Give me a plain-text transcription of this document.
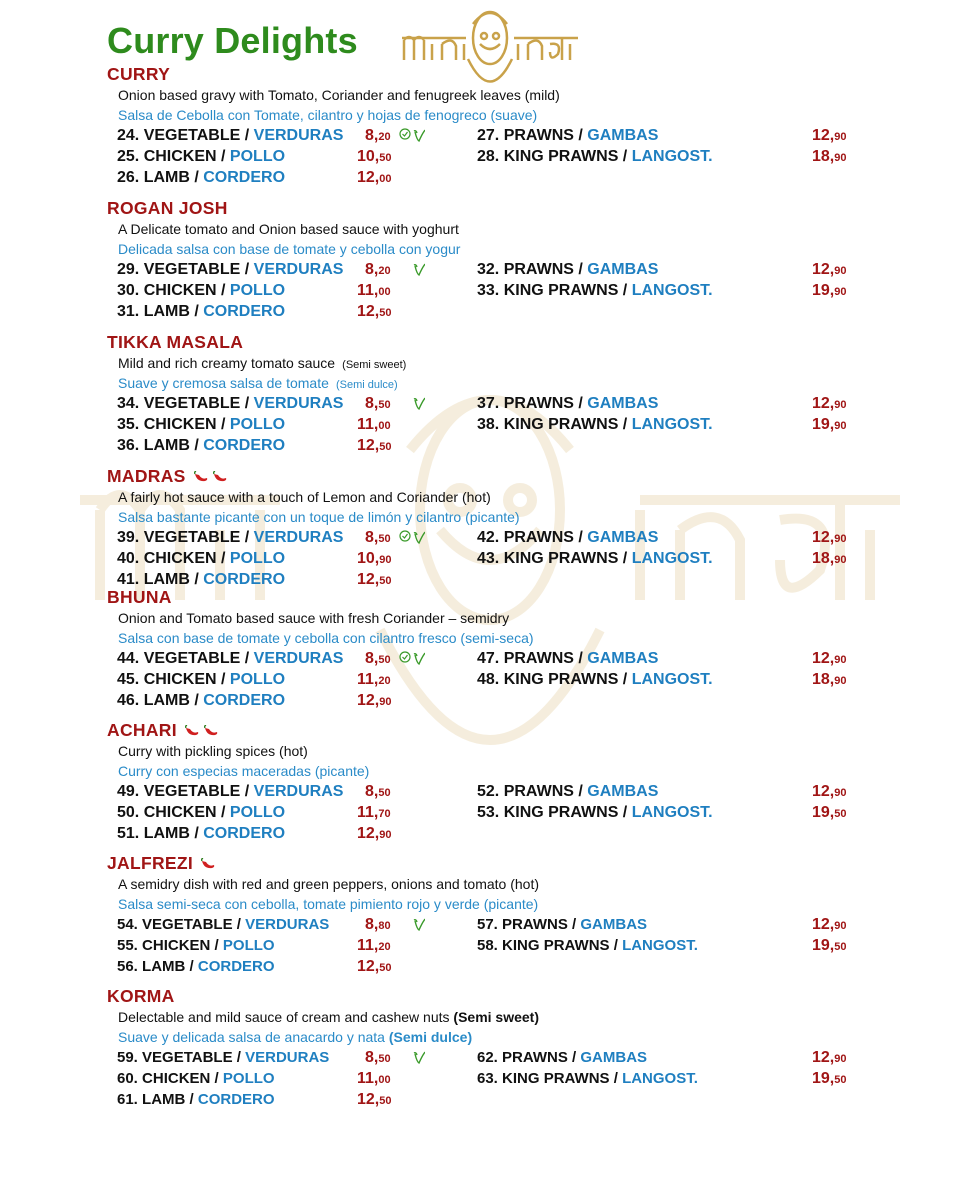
Curry Delights
CURRY
Onion based gravy with Tomato, Coriander and fenugreek leaves (mild)
Salsa de Cebolla con Tomate, cilantro y hojas de fenogreco (suave)
24. VEGETABLE / VERDURAS 8,20
25. CHICKEN / POLLO	10,50
26. LAMB / CORDERO	12,00
27. PRAWNS / GAMBAS	12,90
28. KING PRAWNS / LANGOST.	18,90
ROGAN JOSH
A Delicate tomato and Onion based sauce with yoghurt
Delicada salsa con base de tomate y cebolla con yogur
29. VEGETABLE / VERDURAS 8,20
30. CHICKEN / POLLO	11,00
31. LAMB / CORDERO	12,50
32. PRAWNS / GAMBAS	12,90
33. KING PRAWNS / LANGOST.	19,90
TIKKA MASALA
Mild and rich creamy tomato sauce (Semi sweet)
Suave y cremosa salsa de tomate (Semi dulce)
34. VEGETABLE / VERDURAS 8,50
35. CHICKEN / POLLO	11,00
36. LAMB / CORDERO	12,50
37. PRAWNS / GAMBAS	12,90
38. KING PRAWNS / LANGOST.	19,90
MADRAS
A fairly hot sauce with a touch of Lemon and Coriander (hot)
Salsa bastante picante con un toque de limón y cilantro (picante)
39. VEGETABLE / VERDURAS 8,50
40. CHICKEN / POLLO	10,90
41. LAMB / CORDERO	12,50
42. PRAWNS / GAMBAS	12,90
43. KING PRAWNS / LANGOST.	18,90
BHUNA
Onion and Tomato based sauce with fresh Coriander – semidry
Salsa con base de tomate y cebolla con cilantro fresco (semi-seca)
44. VEGETABLE / VERDURAS 8,50
45. CHICKEN / POLLO	11,20
46. LAMB / CORDERO	12,90
47. PRAWNS / GAMBAS	12,90
48. KING PRAWNS / LANGOST.	18,90
ACHARI
Curry with pickling spices (hot)
Curry con especias maceradas (picante)
49. VEGETABLE / VERDURAS 8,50
50. CHICKEN / POLLO	11,70
51. LAMB / CORDERO	12,90
52. PRAWNS / GAMBAS	12,90
53. KING PRAWNS / LANGOST.	19,50
JALFREZI
A semidry dish with red and green peppers, onions and tomato (hot)
Salsa semi-seca con cebolla, tomate pimiento rojo y verde (picante)
54. VEGETABLE / VERDURAS 8,80
55. CHICKEN / POLLO	11,20
56. LAMB / CORDERO	12,50
57. PRAWNS / GAMBAS	12,90
58. KING PRAWNS / LANGOST.	19,50
KORMA
Delectable and mild sauce of cream and cashew nuts (Semi sweet)
Suave y delicada salsa de anacardo y nata (Semi dulce)
59. VEGETABLE / VERDURAS 8,50
60. CHICKEN / POLLO	11,00
61. LAMB / CORDERO	12,50
62. PRAWNS / GAMBAS	12,90
63. KING PRAWNS / LANGOST.	19,50
